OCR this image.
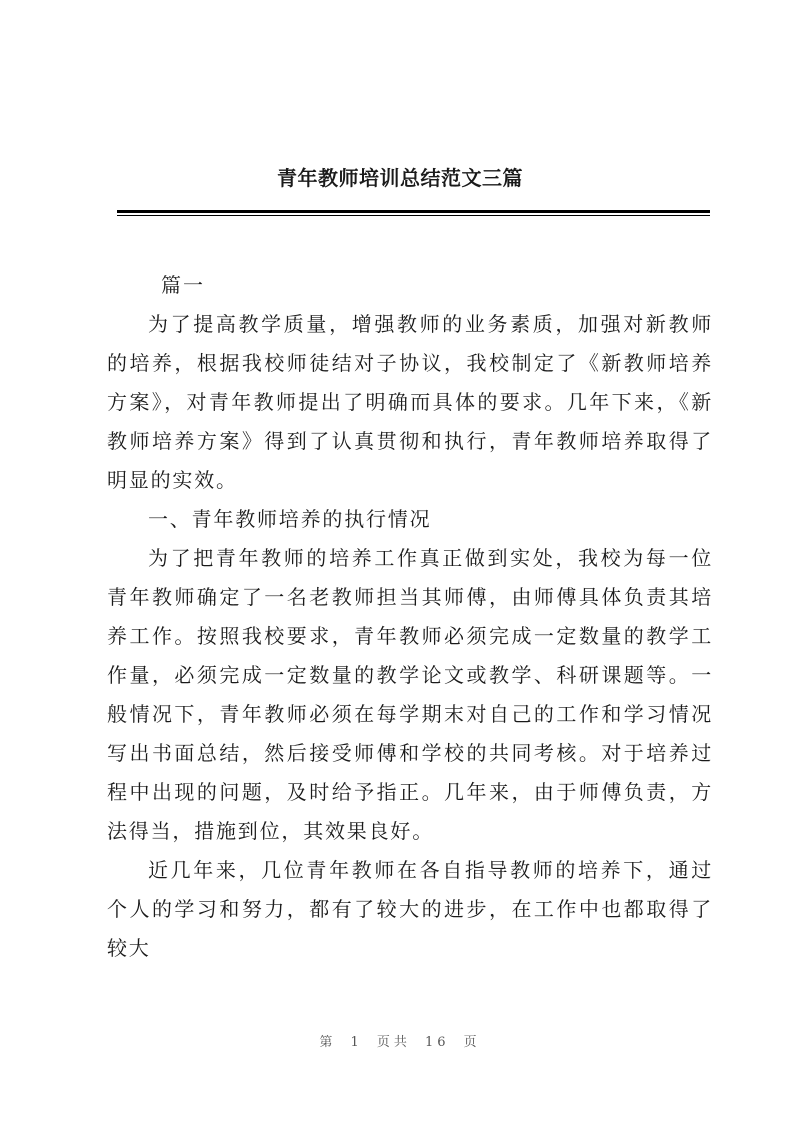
青年教师培训总结范文三篇

篇一

为了提高教学质量，增强教师的业务素质，加强对新教师的培养，根据我校师徒结对子协议，我校制定了《新教师培养方案》，对青年教师提出了明确而具体的要求。几年下来，《新教师培养方案》得到了认真贯彻和执行，青年教师培养取得了明显的实效。

一、青年教师培养的执行情况

为了把青年教师的培养工作真正做到实处，我校为每一位青年教师确定了一名老教师担当其师傅，由师傅具体负责其培养工作。按照我校要求，青年教师必须完成一定数量的教学工作量，必须完成一定数量的教学论文或教学、科研课题等。一般情况下，青年教师必须在每学期末对自己的工作和学习情况写出书面总结，然后接受师傅和学校的共同考核。对于培养过程中出现的问题，及时给予指正。几年来，由于师傅负责，方法得当，措施到位，其效果良好。

近几年来，几位青年教师在各自指导教师的培养下，通过个人的学习和努力，都有了较大的进步，在工作中也都取得了较大

第 1 页共 16 页
